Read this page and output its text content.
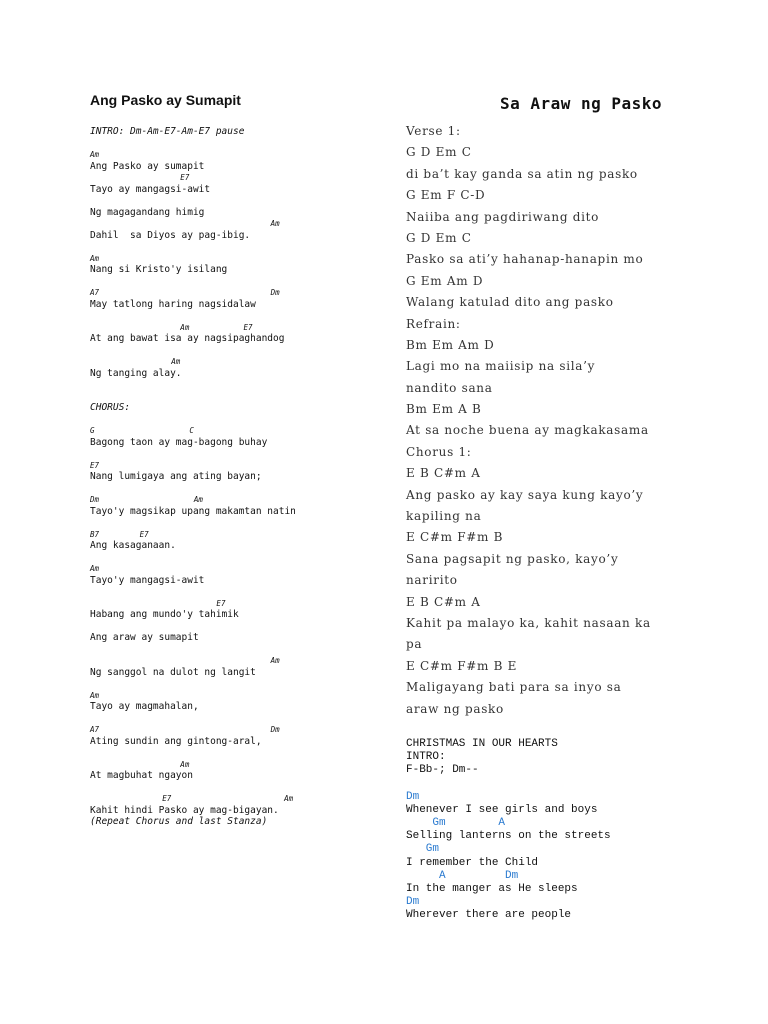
Ang Pasko ay Sumapit
INTRO: Dm-Am-E7-Am-E7 pause
Am
Ang Pasko ay sumapit
E7
Tayo ay mangagsi-awit
Ng magagandang himig
Am
Dahil  sa Diyos ay pag-ibig.
Am
Nang si Kristo'y isilang
A7                                      Dm
May tatlong haring nagsidalaw
Am            E7
At ang bawat isa ay nagsipaghandog
Am
Ng tanging alay.
CHORUS:
G                     C
Bagong taon ay mag-bagong buhay
E7
Nang lumigaya ang ating bayan;
Dm                     Am
Tayo'y magsikap upang makamtan natin
B7         E7
Ang kasaganaan.
Am
Tayo'y mangagsi-awit
E7
Habang ang mundo'y tahimik
Ang araw ay sumapit
Am
Ng sanggol na dulot ng langit
Am
Tayo ay magmahalan,
A7                                      Dm
Ating sundin ang gintong-aral,
Am
At magbuhat ngayon
E7                         Am
Kahit hindi Pasko ay mag-bigayan.
(Repeat Chorus and last Stanza)
Sa Araw ng Pasko
Verse 1:
G D Em C
di ba’t kay ganda sa atin ng pasko
G Em F C-D
Naiiba ang pagdiriwang dito
G D Em C
Pasko sa ati’y hahanap-hanapin mo
G Em Am D
Walang katulad dito ang pasko
Refrain:
Bm Em Am D
Lagi mo na maiisip na sila’y
nandito sana
Bm Em A B
At sa noche buena ay magkakasama
Chorus 1:
E B C#m A
Ang pasko ay kay saya kung kayo’y
kapiling na
E C#m F#m B
Sana pagsapit ng pasko, kayo’y
naririto
E B C#m A
Kahit pa malayo ka, kahit nasaan ka
pa
E C#m F#m B E
Maligayang bati para sa inyo sa
araw ng pasko
CHRISTMAS IN OUR HEARTS
INTRO:
F-Bb-; Dm--
Dm
Whenever I see girls and boys
Gm        A
Selling lanterns on the streets
Gm
I remember the Child
A         Dm
In the manger as He sleeps
Dm
Wherever there are people
